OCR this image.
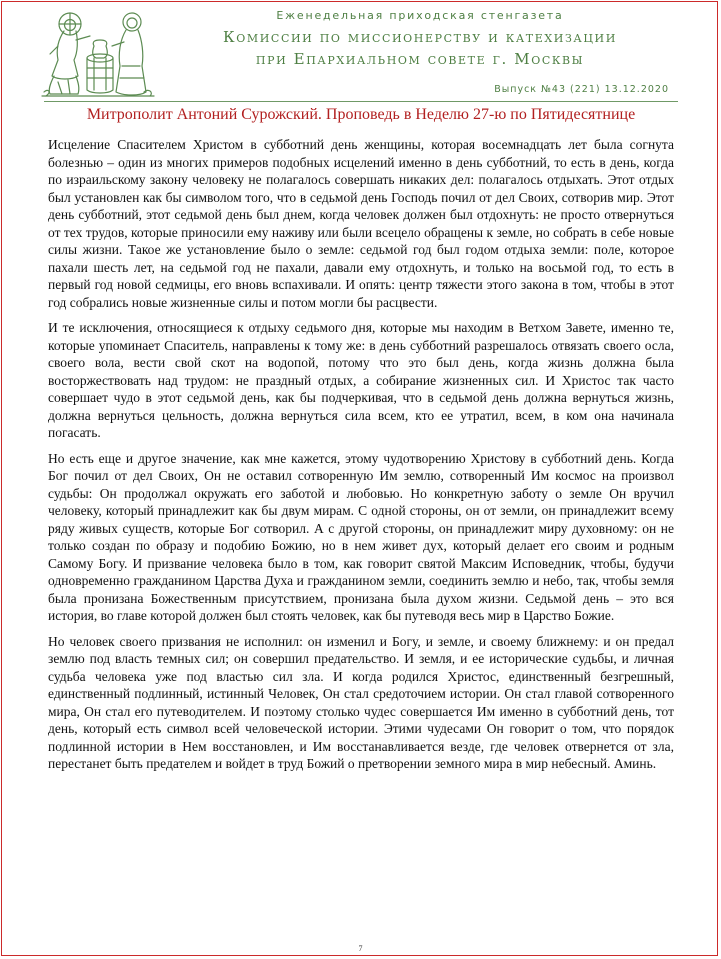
Еженедельная приходская стенгазета
Комиссии по миссионерству и катехизации
при Епархиальном совете г. Москвы
Выпуск №43 (221) 13.12.2020
Митрополит Антоний Сурожский. Проповедь в Неделю 27-ю по Пятидесятнице

Исцеление Спасителем Христом в субботний день женщины, которая восемнадцать лет была согнута болезнью – один из многих примеров подобных исцелений именно в день субботний, то есть в день, когда по израильскому закону человеку не полагалось совершать никаких дел: полагалось отдыхать. Этот отдых был установлен как бы символом того, что в седьмой день Господь почил от дел Своих, сотворив мир. Этот день субботний, этот седьмой день был днем, когда человек должен был отдохнуть: не просто отвернуться от тех трудов, которые приносили ему наживу или были всецело обращены к земле, но собрать в себе новые силы жизни. Такое же установление было о земле: седьмой год был годом отдыха земли: поле, которое пахали шесть лет, на седьмой год не пахали, давали ему отдохнуть, и только на восьмой год, то есть в первый год новой седмицы, его вновь вспахивали. И опять: центр тяжести этого закона в том, чтобы в этот год собрались новые жизненные силы и потом могли бы расцвести.

И те исключения, относящиеся к отдыху седьмого дня, которые мы находим в Ветхом Завете, именно те, которые упоминает Спаситель, направлены к тому же: в день субботний разрешалось отвязать своего осла, своего вола, вести свой скот на водопой, потому что это был день, когда жизнь должна была восторжествовать над трудом: не праздный отдых, а собирание жизненных сил. И Христос так часто совершает чудо в этот седьмой день, как бы подчеркивая, что в седьмой день должна вернуться жизнь, должна вернуться цельность, должна вернуться сила всем, кто ее утратил, всем, в ком она начинала погасать.

Но есть еще и другое значение, как мне кажется, этому чудотворению Христову в субботний день. Когда Бог почил от дел Своих, Он не оставил сотворенную Им землю, сотворенный Им космос на произвол судьбы: Он продолжал окружать его заботой и любовью. Но конкретную заботу о земле Он вручил человеку, который принадлежит как бы двум мирам. С одной стороны, он от земли, он принадлежит всему ряду живых существ, которые Бог сотворил. А с другой стороны, он принадлежит миру духовному: он не только создан по образу и подобию Божию, но в нем живет дух, который делает его своим и родным Самому Богу. И призвание человека было в том, как говорит святой Максим Исповедник, чтобы, будучи одновременно гражданином Царства Духа и гражданином земли, соединить землю и небо, так, чтобы земля была пронизана Божественным присутствием, пронизана была духом жизни. Седьмой день – это вся история, во главе которой должен был стоять человек, как бы путеводя весь мир в Царство Божие.

Но человек своего призвания не исполнил: он изменил и Богу, и земле, и своему ближнему: и он предал землю под власть темных сил; он совершил предательство. И земля, и ее исторические судьбы, и личная судьба человека уже под властью сил зла. И когда родился Христос, единственный безгрешный, единственный подлинный, истинный Человек, Он стал средоточием истории. Он стал главой сотворенного мира, Он стал его путеводителем. И поэтому столько чудес совершается Им именно в субботний день, тот день, который есть символ всей человеческой истории. Этими чудесами Он говорит о том, что порядок подлинной истории в Нем восстановлен, и Им восстанавливается везде, где человек отвернется от зла, перестанет быть предателем и войдет в труд Божий о претворении земного мира в мир небесный. Аминь.

7
